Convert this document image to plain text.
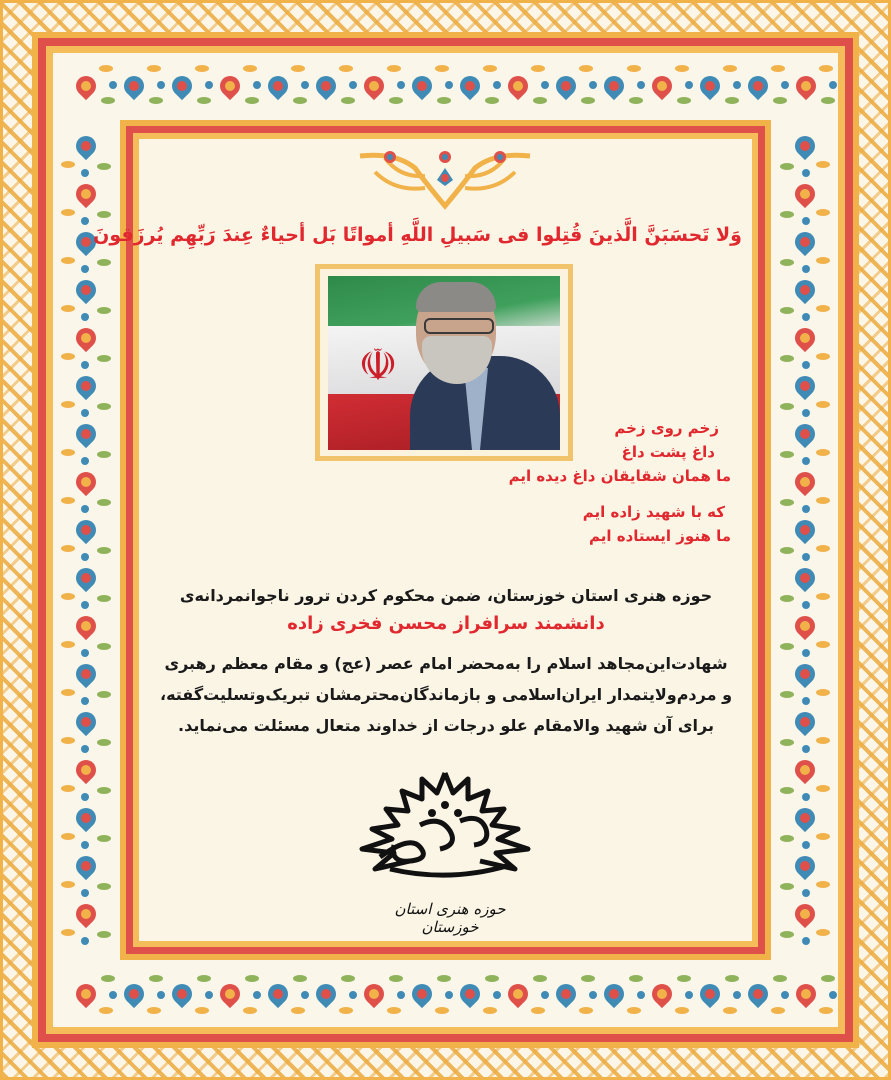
وَلا تَحسَبَنَّ الَّذینَ قُتِلوا فی سَبیلِ اللَّهِ أمواتًا بَل أحیاءٌ عِندَ رَبِّهِم یُرزَقونَ
☫
زخم روی زخم
داغ پشت داغ
ما همان شقایقان داغ دیده ایم
که با شهید زاده ایم
ما هنوز ایستاده ایم
حوزه هنری استان خوزستان، ضمن محکوم کردن ترور ناجوانمردانه‌ی
دانشمند سرافراز محسن فخری زاده
شهادت‌این‌مجاهد اسلام را به‌محضر امام عصر (عج) و مقام معظم رهبری
و مردم‌ولایتمدار ایران‌اسلامی و بازماندگان‌محترمشان تبریک‌وتسلیت‌گفته،
برای آن شهید والامقام علو درجات از خداوند متعال مسئلت می‌نماید.
حوزه هنری استان خوزستان
